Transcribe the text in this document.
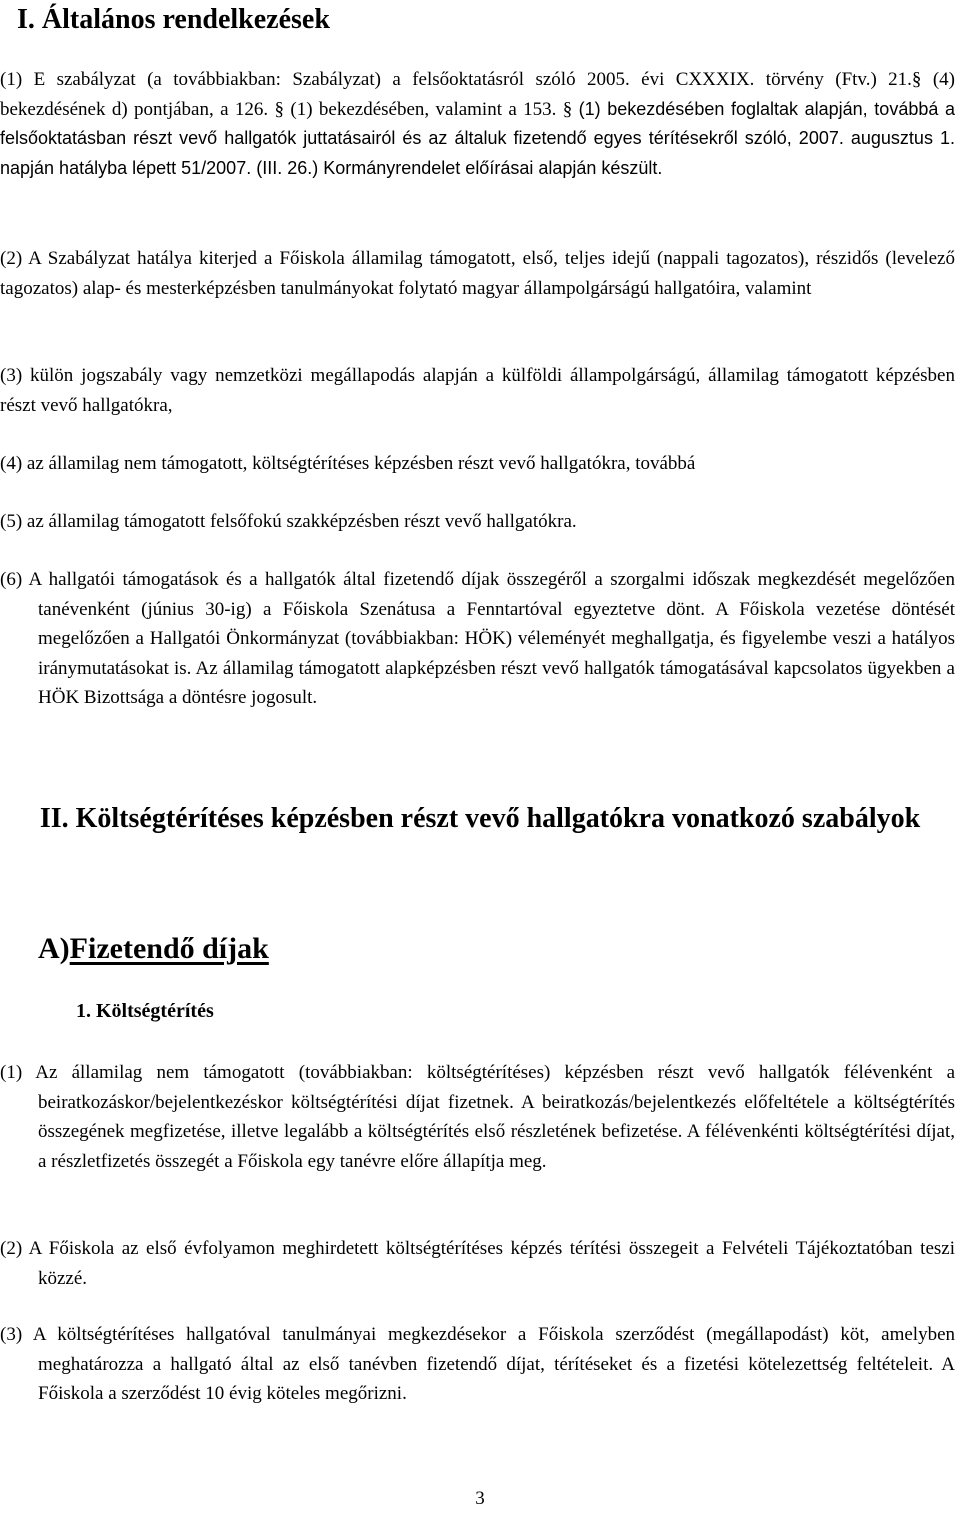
I. Általános rendelkezések

(1) E szabályzat (a továbbiakban: Szabályzat) a felsőoktatásról szóló 2005. évi CXXXIX. törvény (Ftv.) 21.§ (4) bekezdésének d) pontjában, a 126. § (1) bekezdésében, valamint a 153. § (1) bekezdésében foglaltak alapján, továbbá a felsőoktatásban részt vevő hallgatók juttatásairól és az általuk fizetendő egyes térítésekről szóló, 2007. augusztus 1. napján hatályba lépett 51/2007. (III. 26.) Kormányrendelet előírásai alapján készült.

(2) A Szabályzat hatálya kiterjed a Főiskola államilag támogatott, első, teljes idejű (nappali tagozatos), részidős (levelező tagozatos) alap- és mesterképzésben tanulmányokat folytató magyar állampolgárságú hallgatóira, valamint

(3) külön jogszabály vagy nemzetközi megállapodás alapján a külföldi állampolgárságú, államilag támogatott képzésben részt vevő hallgatókra,

(4) az államilag nem támogatott, költségtérítéses képzésben részt vevő hallgatókra, továbbá

(5) az államilag támogatott felsőfokú szakképzésben részt vevő hallgatókra.

(6) A hallgatói támogatások és a hallgatók által fizetendő díjak összegéről a szorgalmi időszak megkezdését megelőzően tanévenként (június 30-ig) a Főiskola Szenátusa a Fenntartóval egyeztetve dönt. A Főiskola vezetése döntését megelőzően a Hallgatói Önkormányzat (továbbiakban: HÖK) véleményét meghallgatja, és figyelembe veszi a hatályos iránymutatásokat is. Az államilag támogatott alapképzésben részt vevő hallgatók támogatásával kapcsolatos ügyekben a HÖK Bizottsága a döntésre jogosult.

II. Költségtérítéses képzésben részt vevő hallgatókra vonatkozó szabályok
A)Fizetendő díjak
1. Költségtérítés

(1) Az államilag nem támogatott (továbbiakban: költségtérítéses) képzésben részt vevő hallgatók félévenként a beiratkozáskor/bejelentkezéskor költségtérítési díjat fizetnek. A beiratkozás/bejelentkezés előfeltétele a költségtérítés összegének megfizetése, illetve legalább a költségtérítés első részletének befizetése. A félévenkénti költségtérítési díjat, a részletfizetés összegét a Főiskola egy tanévre előre állapítja meg.

(2) A Főiskola az első évfolyamon meghirdetett költségtérítéses képzés térítési összegeit a Felvételi Tájékoztatóban teszi közzé.

(3) A költségtérítéses hallgatóval tanulmányai megkezdésekor a Főiskola szerződést (megállapodást) köt, amelyben meghatározza a hallgató által az első tanévben fizetendő díjat, térítéseket és a fizetési kötelezettség feltételeit. A Főiskola a szerződést 10 évig köteles megőrizni.

3
